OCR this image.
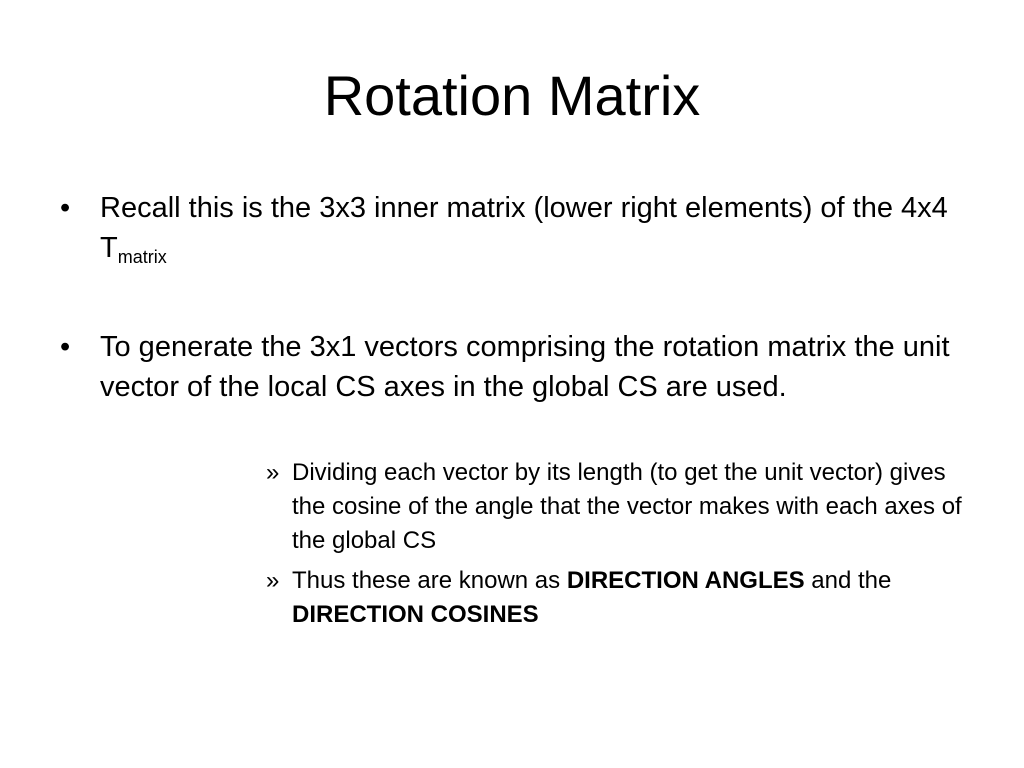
Rotation Matrix
• Recall this is the 3x3 inner matrix (lower right elements) of the 4x4 $T_{matrix}$
• To generate the 3x1 vectors comprising the rotation matrix the unit vector of the local CS axes in the global CS are used.
» Dividing each vector by its length (to get the unit vector) gives the cosine of the angle that the vector makes with each axes of the global CS
» Thus these are known as DIRECTION ANGLES and the DIRECTION COSINES
